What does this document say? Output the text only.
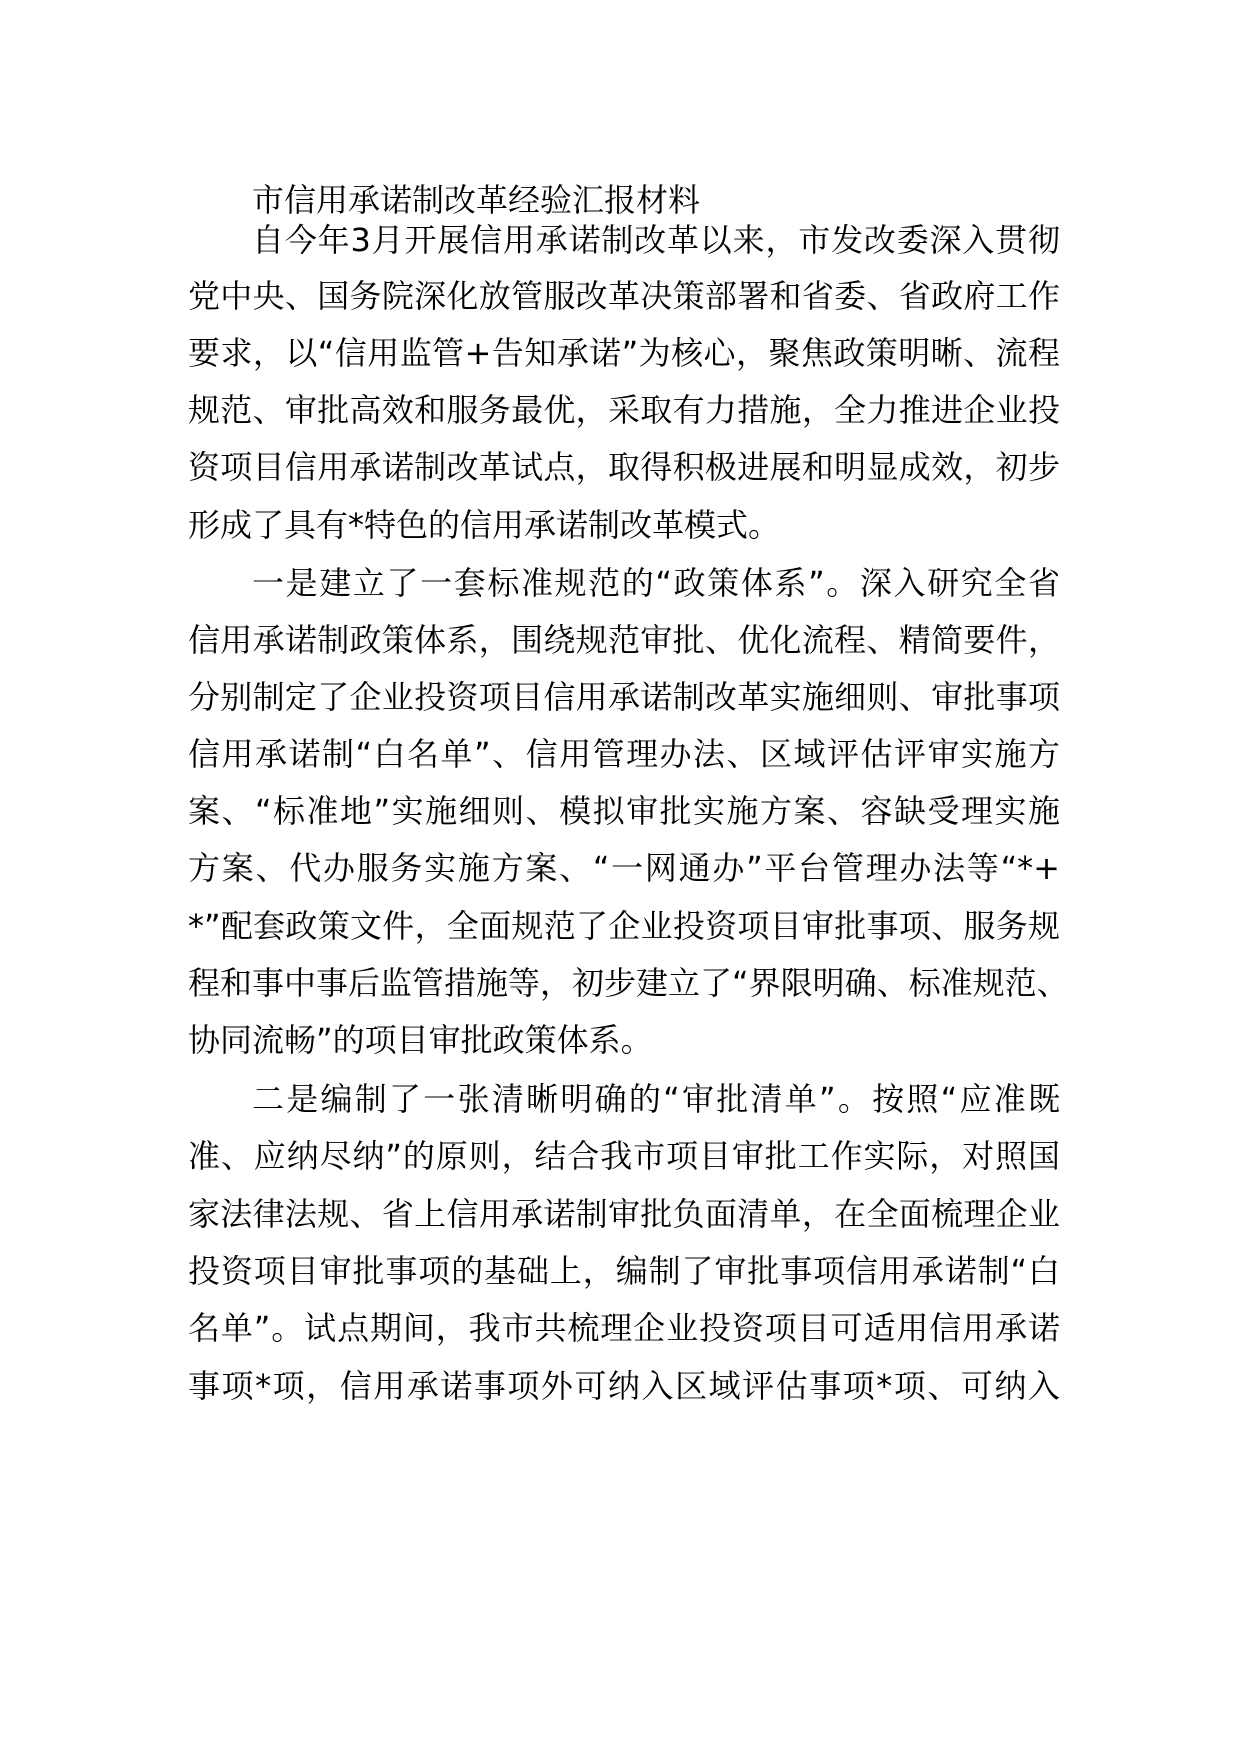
市信用承诺制改革经验汇报材料

自今年3月开展信用承诺制改革以来，市发改委深入贯彻

党中央、国务院深化放管服改革决策部署和省委、省政府工作

要求，以“信用监管+告知承诺”为核心，聚焦政策明晰、流程

规范、审批高效和服务最优，采取有力措施，全力推进企业投

资项目信用承诺制改革试点，取得积极进展和明显成效，初步

形成了具有*特色的信用承诺制改革模式。

一是建立了一套标准规范的“政策体系”。深入研究全省

信用承诺制政策体系，围绕规范审批、优化流程、精简要件，

分别制定了企业投资项目信用承诺制改革实施细则、审批事项

信用承诺制“白名单”、信用管理办法、区域评估评审实施方

案、“标准地”实施细则、模拟审批实施方案、容缺受理实施

方案、代办服务实施方案、“一网通办”平台管理办法等“*+

*”配套政策文件，全面规范了企业投资项目审批事项、服务规

程和事中事后监管措施等，初步建立了“界限明确、标准规范、

协同流畅”的项目审批政策体系。

二是编制了一张清晰明确的“审批清单”。按照“应准既

准、应纳尽纳”的原则，结合我市项目审批工作实际，对照国

家法律法规、省上信用承诺制审批负面清单，在全面梳理企业

投资项目审批事项的基础上，编制了审批事项信用承诺制“白

名单”。试点期间，我市共梳理企业投资项目可适用信用承诺

事项*项，信用承诺事项外可纳入区域评估事项*项、可纳入
